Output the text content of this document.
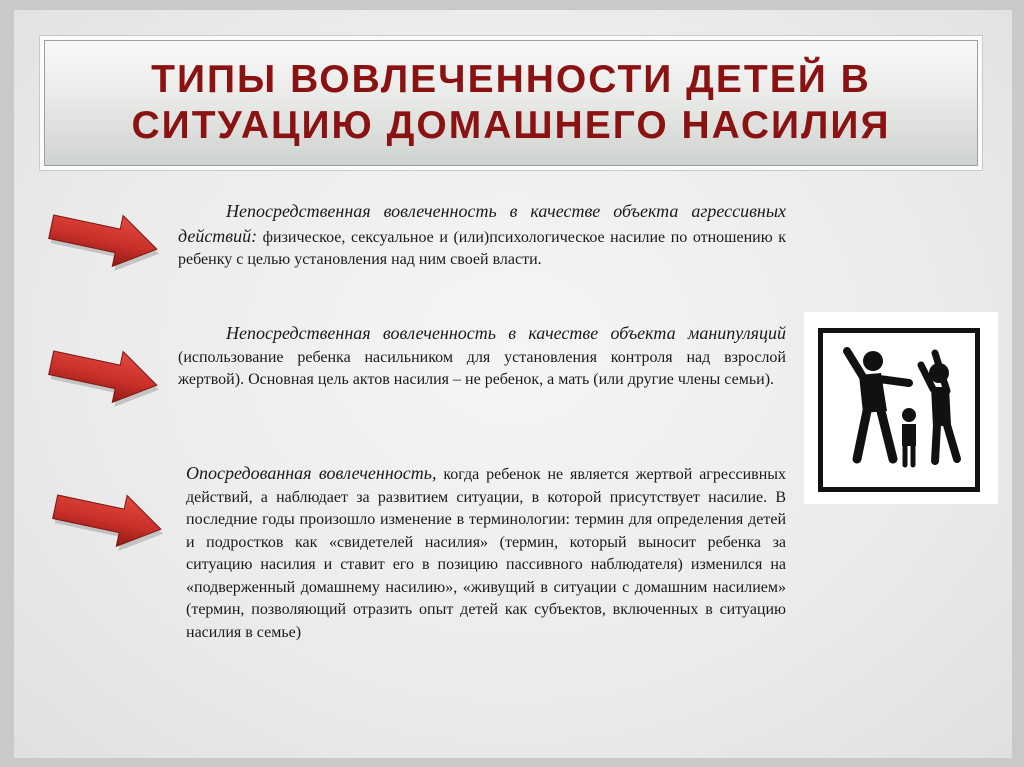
ТИПЫ ВОВЛЕЧЕННОСТИ ДЕТЕЙ В
СИТУАЦИЮ ДОМАШНЕГО НАСИЛИЯ

Непосредственная вовлеченность в качестве объекта агрессивных действий: физическое, сексуальное и (или)психологическое насилие по отношению к ребенку с целью установления над ним своей власти.

Непосредственная вовлеченность в качестве объекта манипуляций (использование ребенка насильником для установления контроля над взрослой жертвой). Основная цель актов насилия – не ребенок, а мать (или другие члены семьи).

Опосредованная вовлеченность, когда ребенок не является жертвой агрессивных действий, а наблюдает за развитием ситуации, в которой присутствует насилие. В последние годы произошло изменение в терминологии: термин для определения детей и подростков как «свидетелей насилия» (термин, который выносит ребенка за ситуацию насилия и ставит его в позицию пассивного наблюдателя) изменился на «подверженный домашнему насилию», «живущий в ситуации с домашним насилием» (термин, позволяющий отразить опыт детей как субъектов, включенных в ситуацию насилия в семье)
